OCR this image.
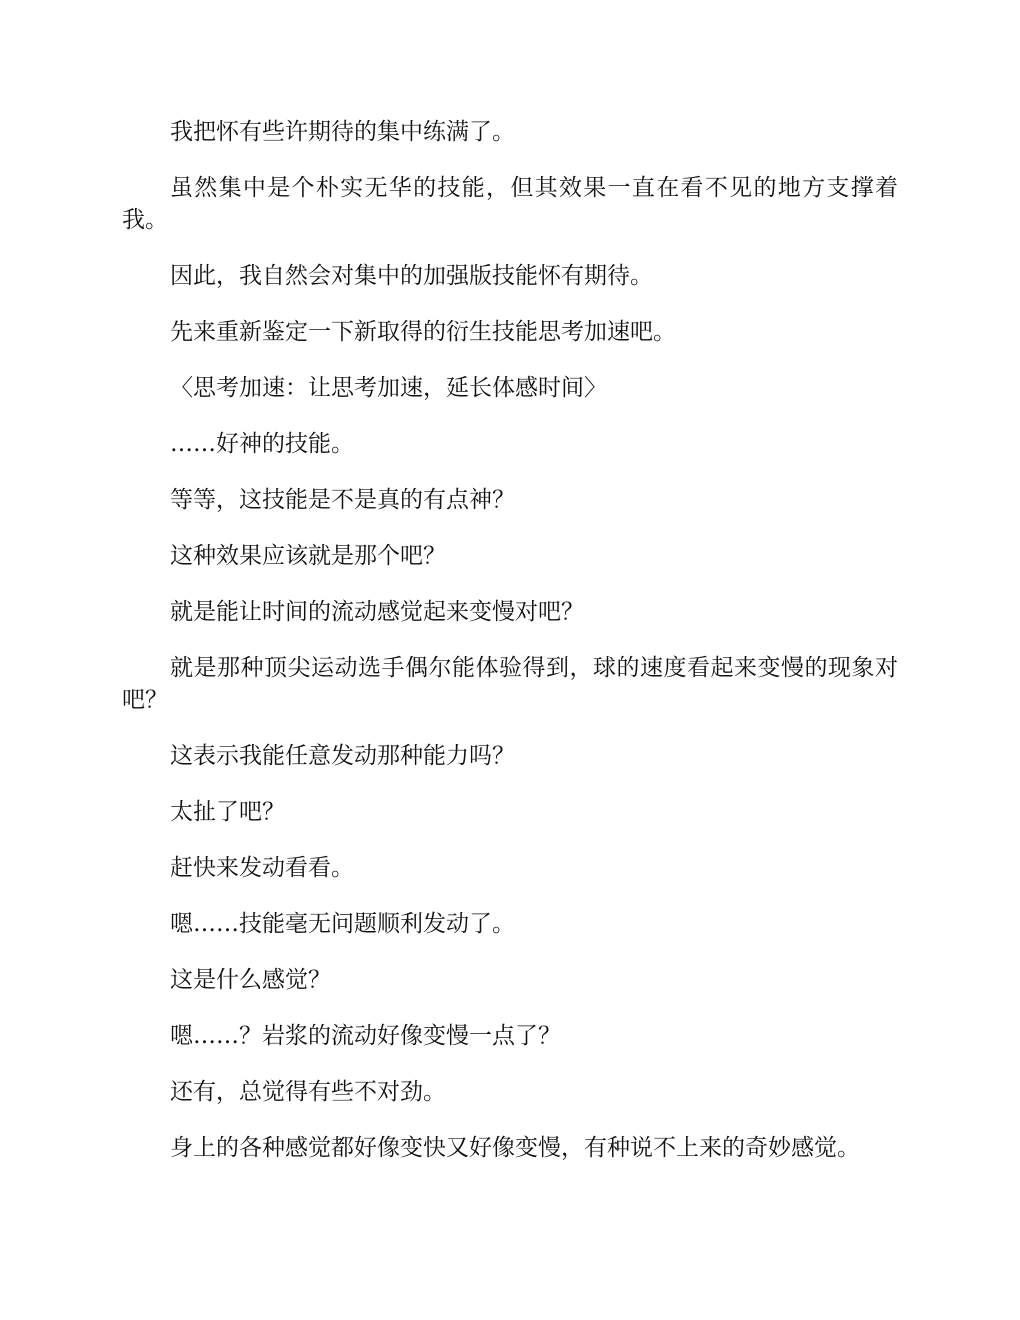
我把怀有些许期待的集中练满了。

虽然集中是个朴实无华的技能，但其效果一直在看不见的地方支撑着我。

因此，我自然会对集中的加强版技能怀有期待。

先来重新鉴定一下新取得的衍生技能思考加速吧。

〈思考加速：让思考加速，延长体感时间〉

……好神的技能。

等等，这技能是不是真的有点神？

这种效果应该就是那个吧？

就是能让时间的流动感觉起来变慢对吧？

就是那种顶尖运动选手偶尔能体验得到，球的速度看起来变慢的现象对吧？

这表示我能任意发动那种能力吗？

太扯了吧？

赶快来发动看看。

嗯……技能毫无问题顺利发动了。

这是什么感觉？

嗯……？岩浆的流动好像变慢一点了？

还有，总觉得有些不对劲。

身上的各种感觉都好像变快又好像变慢，有种说不上来的奇妙感觉。
